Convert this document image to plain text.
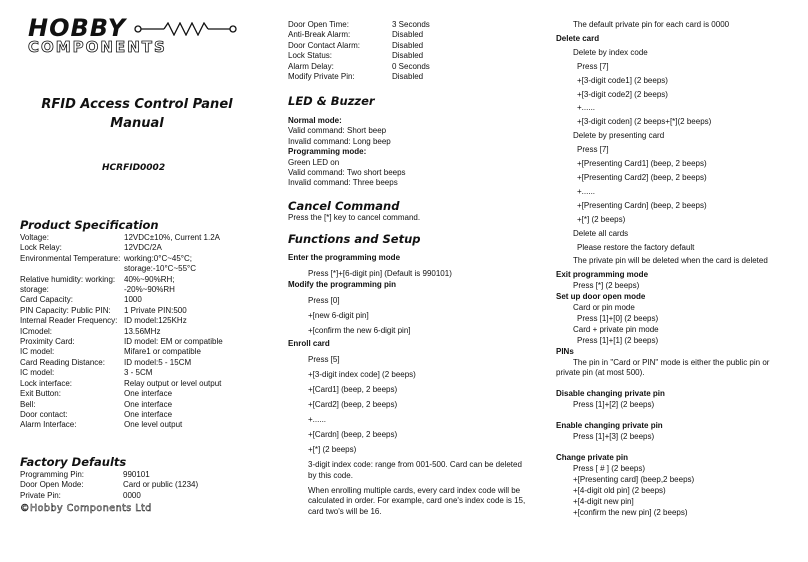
HOBBY
COMPONENTS
RFID Access Control Panel
Manual
HCRFID0002
Product Specification
Voltage:	12VDC±10%, Current 1.2A
Lock Relay:	12VDC/2A
Environmental Temperature: working:0°C~45°C;
storage:-10°C~55°C
Relative humidity: working:	40%~90%RH;
storage:	-20%~90%RH
Card Capacity:	1000
PIN Capacity: Public PIN:	1 Private PIN:500
Internal Reader Frequency: ID model:125KHz
ICmodel:	13.56MHz
Proximity Card:	ID model: EM or compatible
IC model:	Mifare1 or compatible
Card Reading Distance:	ID model:5 - 15CM
IC model:	3 - 5CM
Lock interface:	Relay output or level output
Exit Button:	One interface
Bell:	One interface
Door contact:	One interface
Alarm Interface:	One level output
Factory Defaults
Programming Pin:	990101
Door Open Mode:	Card or public (1234)
Private Pin:	0000
©Hobby Components Ltd
Door Open Time:	3 Seconds
Anti-Break Alarm:	Disabled
Door Contact Alarm:	Disabled
Lock Status:	Disabled
Alarm Delay:	0 Seconds
Modify Private Pin:	Disabled
LED & Buzzer
Normal mode:
Valid command: Short beep
Invalid command: Long beep
Programming mode:
Green LED on
Valid command: Two short beeps
Invalid command: Three beeps
Cancel Command
Press the [*] key to cancel command.
Functions and Setup
Enter the programming mode
Press [*]+[6-digit pin] (Default is 990101)
Modify the programming pin
Press [0]
+[new 6-digit pin]
+[confirm the new 6-digit pin]
Enroll card
Press [5]
+[3-digit index code] (2 beeps)
+[Card1] (beep, 2 beeps)
+[Card2] (beep, 2 beeps)
+......
+[Cardn] (beep, 2 beeps)
+[*] (2 beeps)
3-digit index code: range from 001-500. Card can be deleted
by this code.
When enrolling multiple cards, every card index code will be
calculated in order. For example, card one's index code is 15,
card two's will be 16.
The default private pin for each card is 0000
Delete card
Delete by index code
Press [7]
+[3-digit code1] (2 beeps)
+[3-digit code2] (2 beeps)
+......
+[3-digit coden] (2 beeps+[*](2 beeps)
Delete by presenting card
Press [7]
+[Presenting Card1] (beep, 2 beeps)
+[Presenting Card2] (beep, 2 beeps)
+......
+[Presenting Cardn] (beep, 2 beeps)
+[*] (2 beeps)
Delete all cards
Please restore the factory default
The private pin will be deleted when the card is deleted
Exit programming mode
Press [*] (2 beeps)
Set up door open mode
Card or pin mode
Press [1]+[0] (2 beeps)
Card + private pin mode
Press [1]+[1] (2 beeps)
PINs
The pin in "Card or PIN" mode is either the public pin or
private pin (at most 500).
Disable changing private pin
Press [1]+[2] (2 beeps)
Enable changing private pin
Press [1]+[3] (2 beeps)
Change private pin
Press [ # ] (2 beeps)
+[Presenting card] (beep,2 beeps)
+[4-digit old pin] (2 beeps)
+[4-digit new pin]
+[confirm the new pin] (2 beeps)
